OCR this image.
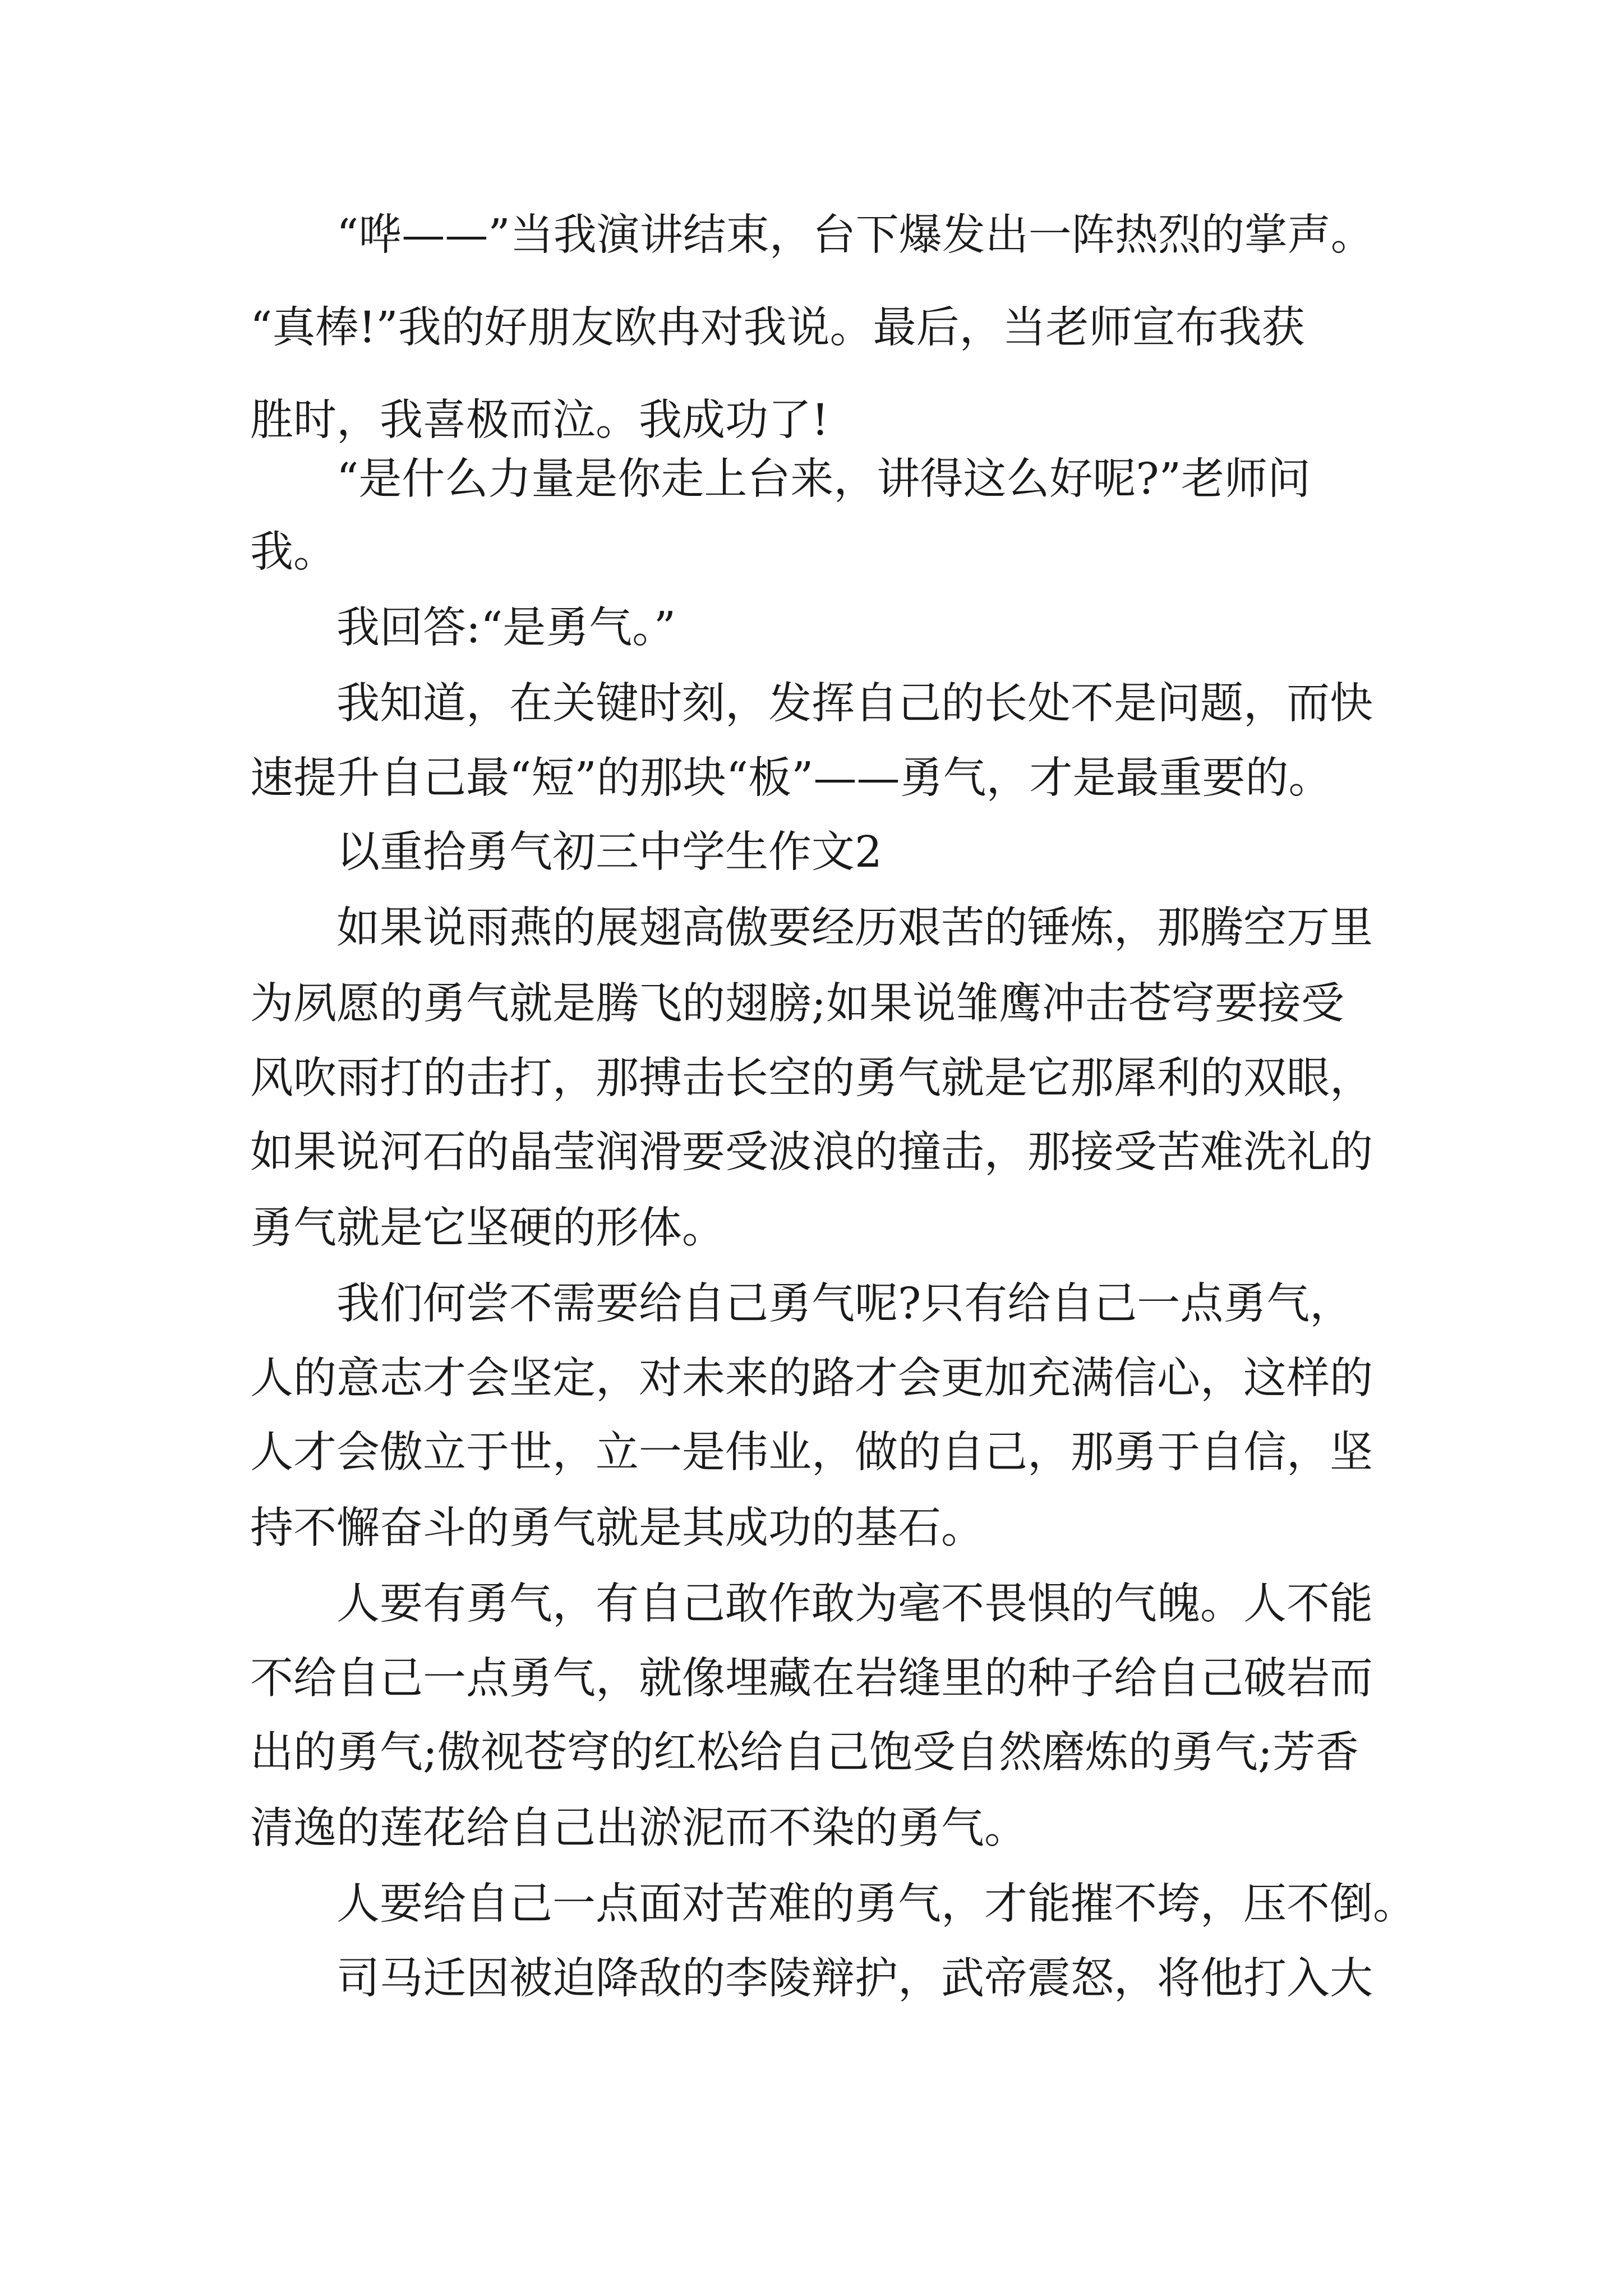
“哗——”当我演讲结束，台下爆发出一阵热烈的掌声。

“真棒!”我的好朋友欧冉对我说。最后，当老师宣布我获

胜时，我喜极而泣。我成功了!

“是什么力量是你走上台来，讲得这么好呢?”老师问

我。

我回答:“是勇气。”

我知道，在关键时刻，发挥自己的长处不是问题，而快

速提升自己最“短”的那块“板”——勇气，才是最重要的。

以重拾勇气初三中学生作文2

如果说雨燕的展翅高傲要经历艰苦的锤炼，那腾空万里

为夙愿的勇气就是腾飞的翅膀;如果说雏鹰冲击苍穹要接受

风吹雨打的击打，那搏击长空的勇气就是它那犀利的双眼，

如果说河石的晶莹润滑要受波浪的撞击，那接受苦难洗礼的

勇气就是它坚硬的形体。

我们何尝不需要给自己勇气呢?只有给自己一点勇气，

人的意志才会坚定，对未来的路才会更加充满信心，这样的

人才会傲立于世，立一是伟业，做的自己，那勇于自信，坚

持不懈奋斗的勇气就是其成功的基石。

人要有勇气，有自己敢作敢为毫不畏惧的气魄。人不能

不给自己一点勇气，就像埋藏在岩缝里的种子给自己破岩而

出的勇气;傲视苍穹的红松给自己饱受自然磨炼的勇气;芳香

清逸的莲花给自己出淤泥而不染的勇气。

人要给自己一点面对苦难的勇气，才能摧不垮，压不倒。

司马迁因被迫降敌的李陵辩护，武帝震怒，将他打入大
